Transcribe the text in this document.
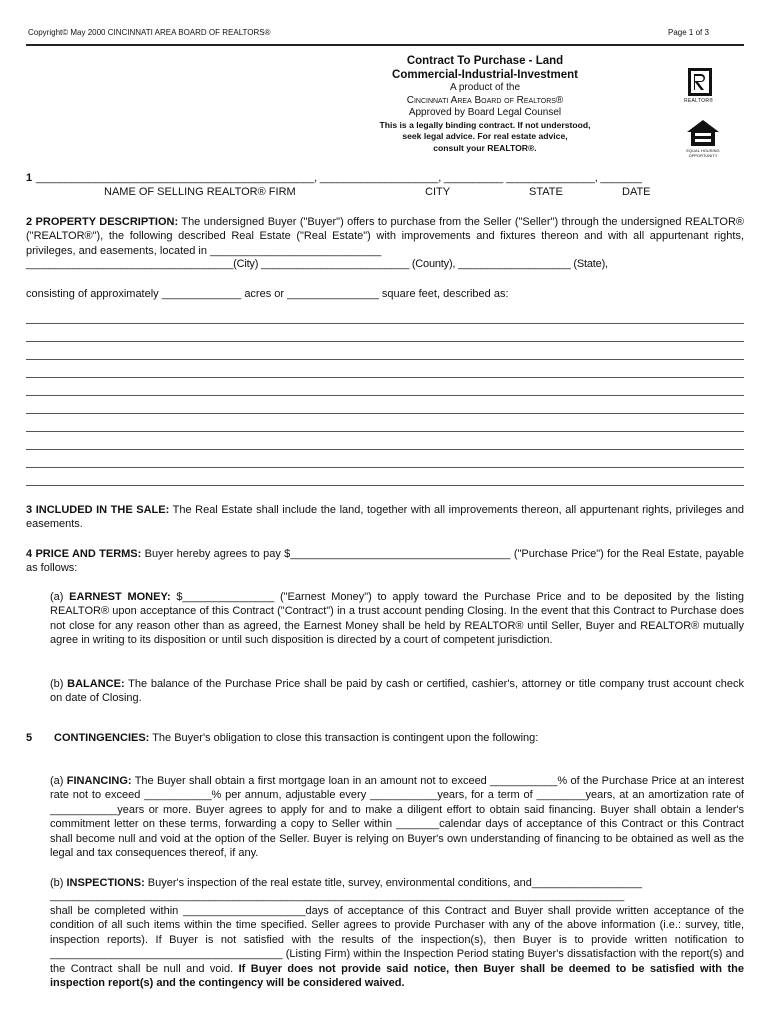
Copyright© May 2000 CINCINNATI AREA BOARD OF REALTORS®	Page 1 of 3
Contract To Purchase - Land
Commercial-Industrial-Investment
A product of the
Cincinnati Area Board of Realtors®
Approved by Board Legal Counsel
This is a legally binding contract. If not understood,
seek legal advice. For real estate advice,
consult your REALTOR®.
REALTOR®
EQUAL HOUSING OPPORTUNITY
1 _______________________________________________, ____________________, __________ _______________, _______
NAME OF SELLING REALTOR® FIRM	CITY	STATE	DATE
2 PROPERTY DESCRIPTION: The undersigned Buyer ("Buyer") offers to purchase from the Seller ("Seller") through the undersigned REALTOR® ("REALTOR®"), the following described Real Estate ("Real Estate") with improvements and fixtures thereon and with all appurtenant rights, privileges, and easements, located in ____________________________
___________________________________(City) _________________________ (County), ___________________ (State),
consisting of approximately _____________ acres or _______________ square feet, described as:
3 INCLUDED IN THE SALE: The Real Estate shall include the land, together with all improvements thereon, all appurtenant rights, privileges and easements.
4 PRICE AND TERMS: Buyer hereby agrees to pay $____________________________________ ("Purchase Price") for the Real Estate, payable as follows:
(a) EARNEST MONEY: $_______________ ("Earnest Money") to apply toward the Purchase Price and to be deposited by the listing REALTOR® upon acceptance of this Contract ("Contract") in a trust account pending Closing. In the event that this Contract to Purchase does not close for any reason other than as agreed, the Earnest Money shall be held by REALTOR® until Seller, Buyer and REALTOR® mutually agree in writing to its disposition or until such disposition is directed by a court of competent jurisdiction.
(b) BALANCE: The balance of the Purchase Price shall be paid by cash or certified, cashier's, attorney or title company trust account check on date of Closing.
5 CONTINGENCIES: The Buyer's obligation to close this transaction is contingent upon the following:
(a) FINANCING: The Buyer shall obtain a first mortgage loan in an amount not to exceed ___________% of the Purchase Price at an interest rate not to exceed ___________% per annum, adjustable every ___________years, for a term of ________years, at an amortization rate of ___________years or more. Buyer agrees to apply for and to make a diligent effort to obtain said financing. Buyer shall obtain a lender's commitment letter on these terms, forwarding a copy to Seller within _______calendar days of acceptance of this Contract or this Contract shall become null and void at the option of the Seller. Buyer is relying on Buyer's own understanding of financing to be obtained as well as the legal and tax consequences thereof, if any.
(b) INSPECTIONS: Buyer's inspection of the real estate title, survey, environmental conditions, and__________________
_________________________________________________________________________________________________
shall be completed within ____________________days of acceptance of this Contract and Buyer shall provide written acceptance of the condition of all such items within the time specified. Seller agrees to provide Purchaser with any of the above information (i.e.: survey, title, inspection reports). If Buyer is not satisfied with the results of the inspection(s), then Buyer is to provide written notification to ______________________________________ (Listing Firm) within the Inspection Period stating Buyer's dissatisfaction with the report(s) and the Contract shall be null and void. If Buyer does not provide said notice, then Buyer shall be deemed to be satisfied with the inspection report(s) and the contingency will be considered waived.
